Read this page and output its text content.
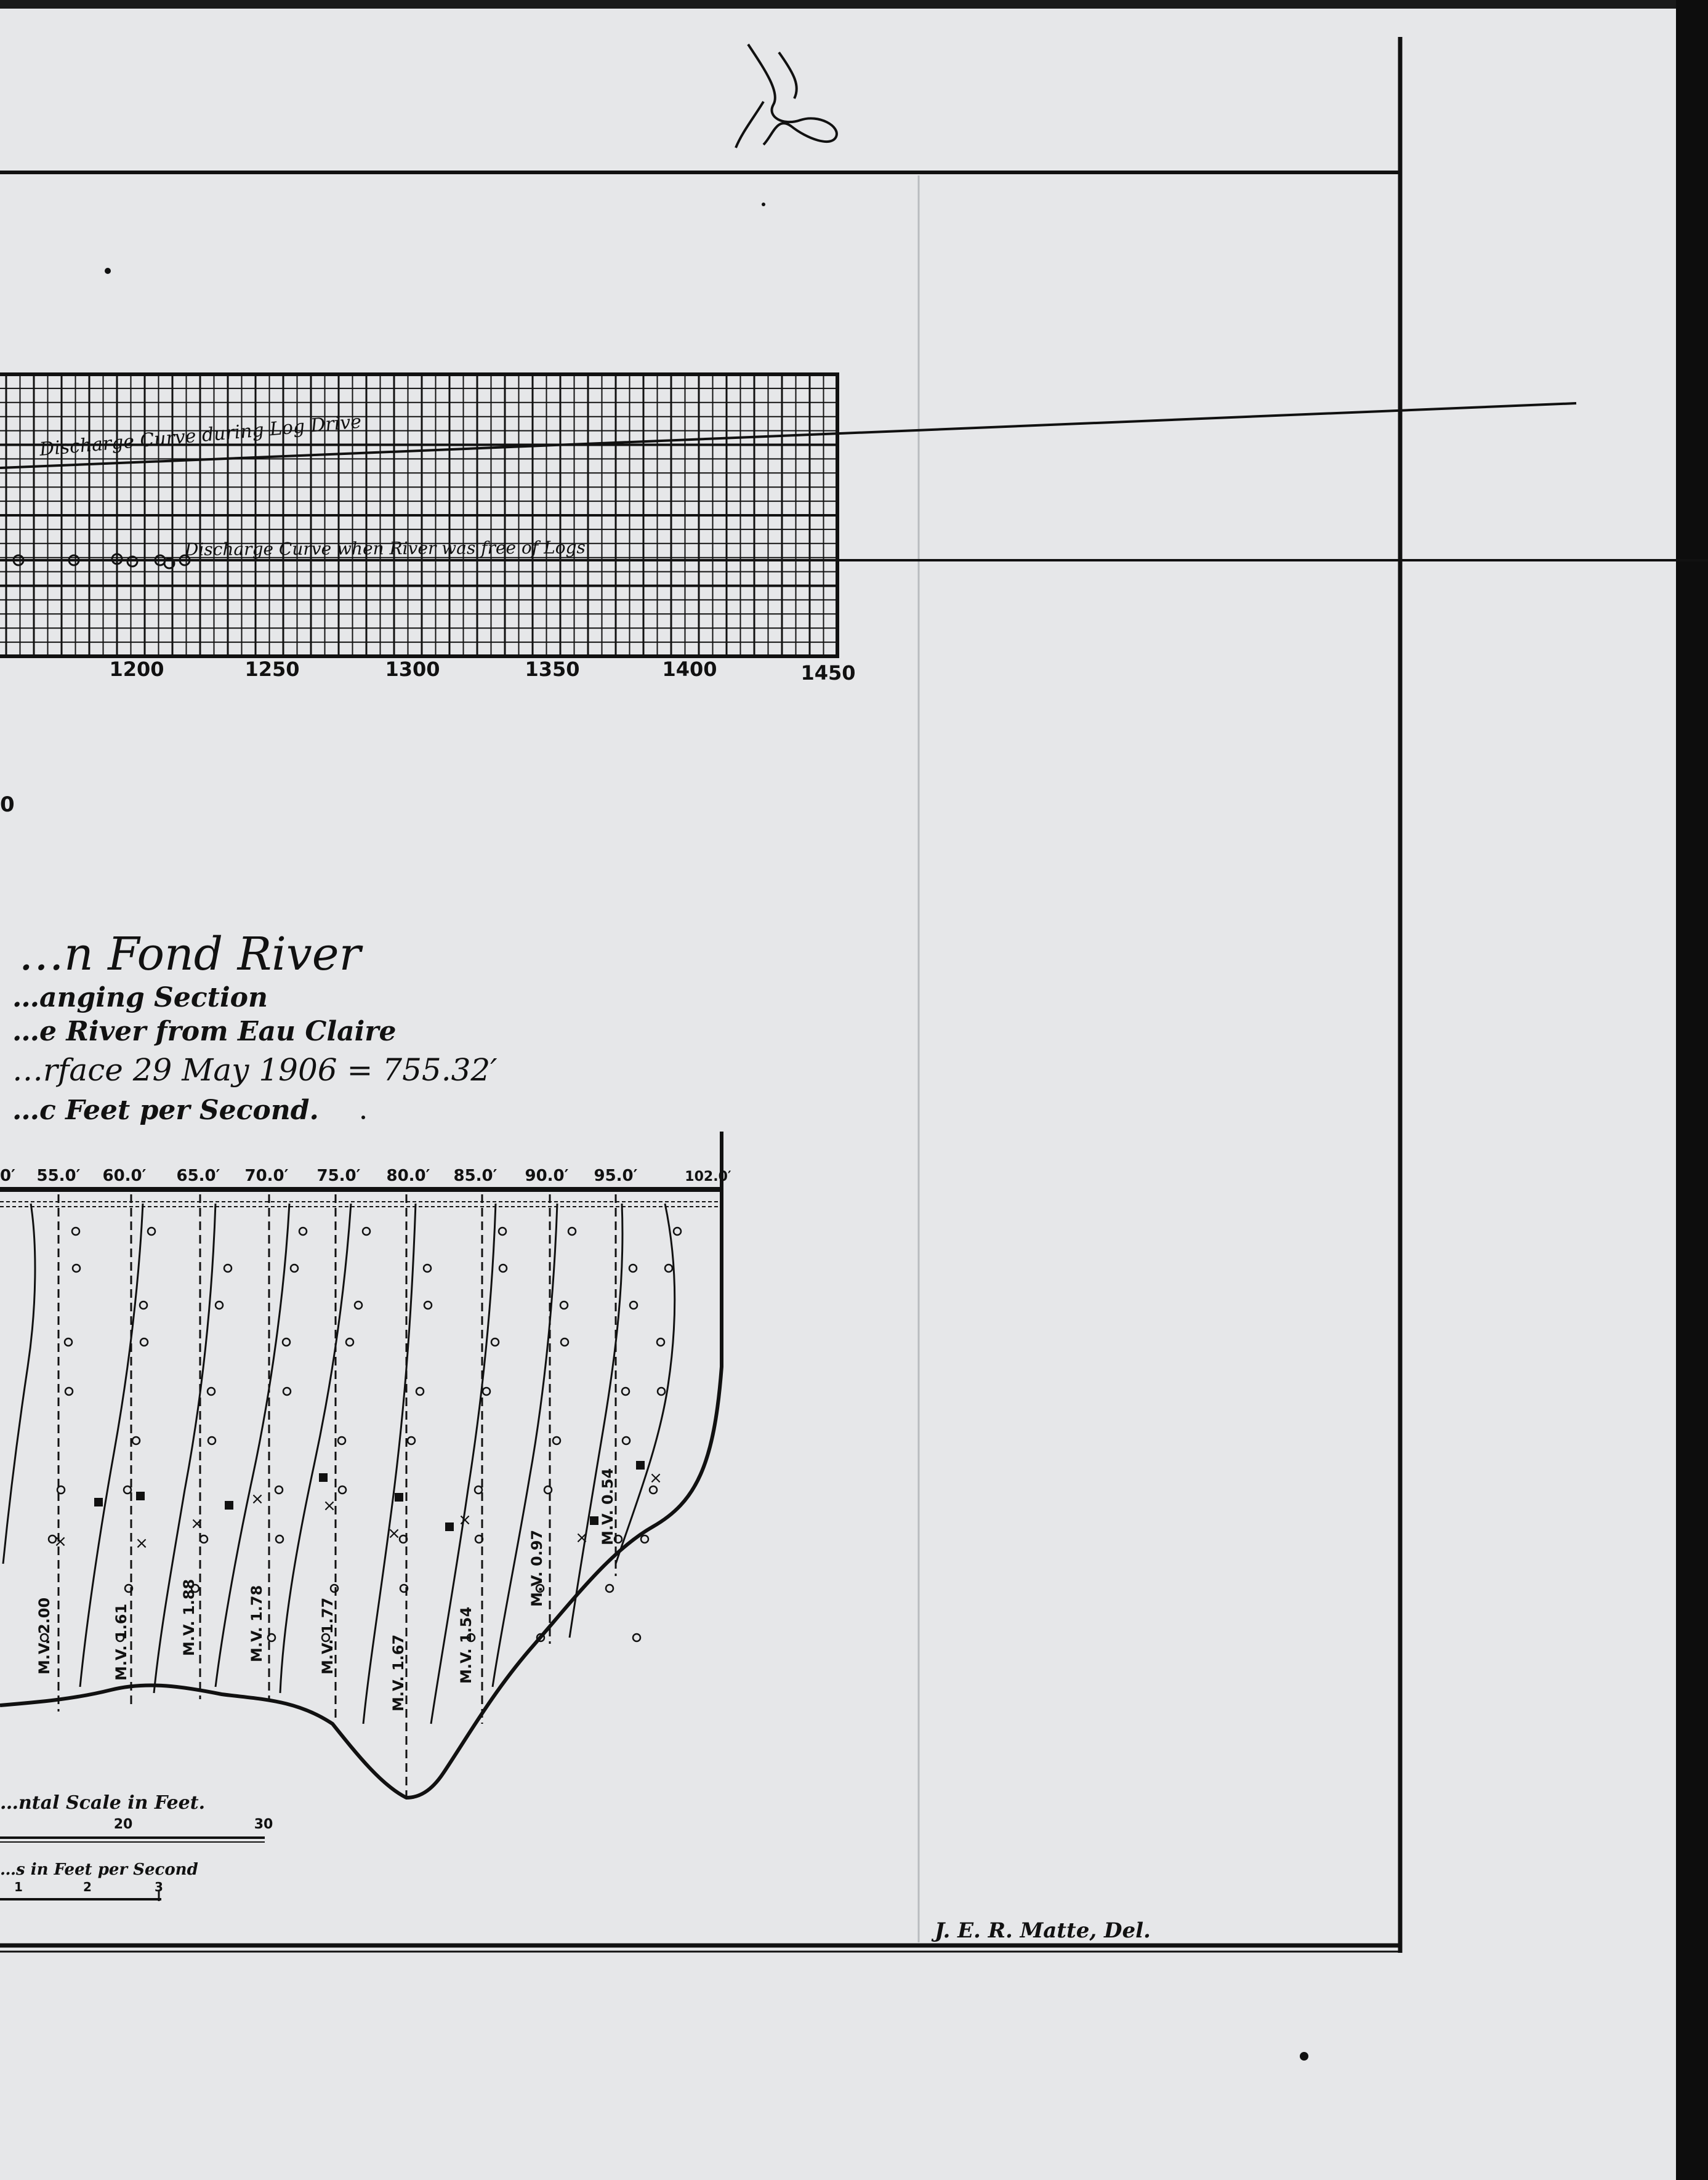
Discharge Curve during Log Drive
Discharge Curve when River was free of Logs
1200	1250	1300	1350	1400	1450
0
…n Fond River
…anging Section
…e River from Eau Claire
…rface 29 May 1906 = 755.32′
…c Feet per Second.
0′ 55.0′ 60.0′ 65.0′ 70.0′ 75.0′ 80.0′ 85.0′ 90.0′ 95.0′	102.0′
M.V. 2.00	M.V. 1.61	M.V. 1.88	M.V. 1.78	M.V. 1.77	M.V. 1.67	M.V. 1.54
M.V. 0.97
M.V. 0.54
×	×
×
×	×
×
×
×
×
…ntal Scale in Feet.
20	30
…s in Feet per Second
1	2	3
J. E. R. Matte, Del.
